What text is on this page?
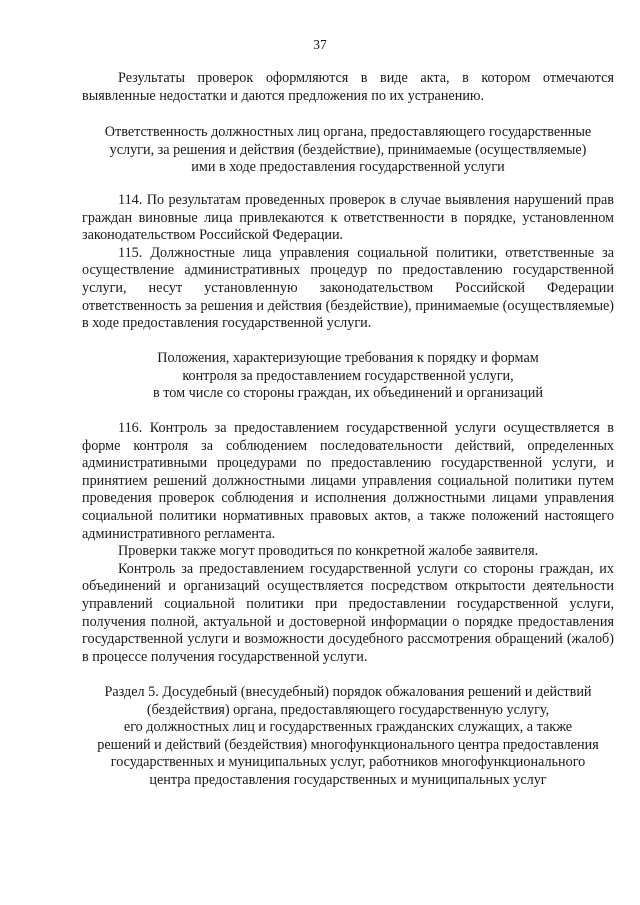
37

Результаты проверок оформляются в виде акта, в котором отмечаются выявленные недостатки и даются предложения по их устранению.

Ответственность должностных лиц органа, предоставляющего государственные
услуги, за решения и действия (бездействие), принимаемые (осуществляемые)
ими в ходе предоставления государственной услуги

114. По результатам проведенных проверок в случае выявления нарушений прав граждан виновные лица привлекаются к ответственности в порядке, установленном законодательством Российской Федерации.

115. Должностные лица управления социальной политики, ответственные за осуществление административных процедур по предоставлению государственной услуги, несут установленную законодательством Российской Федерации ответственность за решения и действия (бездействие), принимаемые (осуществляемые) в ходе предоставления государственной услуги.

Положения, характеризующие требования к порядку и формам
контроля за предоставлением государственной услуги,
в том числе со стороны граждан, их объединений и организаций

116. Контроль за предоставлением государственной услуги осуществляется в форме контроля за соблюдением последовательности действий, определенных административными процедурами по предоставлению государственной услуги, и принятием решений должностными лицами управления социальной политики путем проведения проверок соблюдения и исполнения должностными лицами управления социальной политики нормативных правовых актов, а также положений настоящего административного регламента.

Проверки также могут проводиться по конкретной жалобе заявителя.

Контроль за предоставлением государственной услуги со стороны граждан, их объединений и организаций осуществляется посредством открытости деятельности управлений социальной политики при предоставлении государственной услуги, получения полной, актуальной и достоверной информации о порядке предоставления государственной услуги и возможности досудебного рассмотрения обращений (жалоб) в процессе получения государственной услуги.

Раздел 5. Досудебный (внесудебный) порядок обжалования решений и действий
(бездействия) органа, предоставляющего государственную услугу,
его должностных лиц и государственных гражданских служащих, а также
решений и действий (бездействия) многофункционального центра предоставления
государственных и муниципальных услуг, работников многофункционального
центра предоставления государственных и муниципальных услуг
